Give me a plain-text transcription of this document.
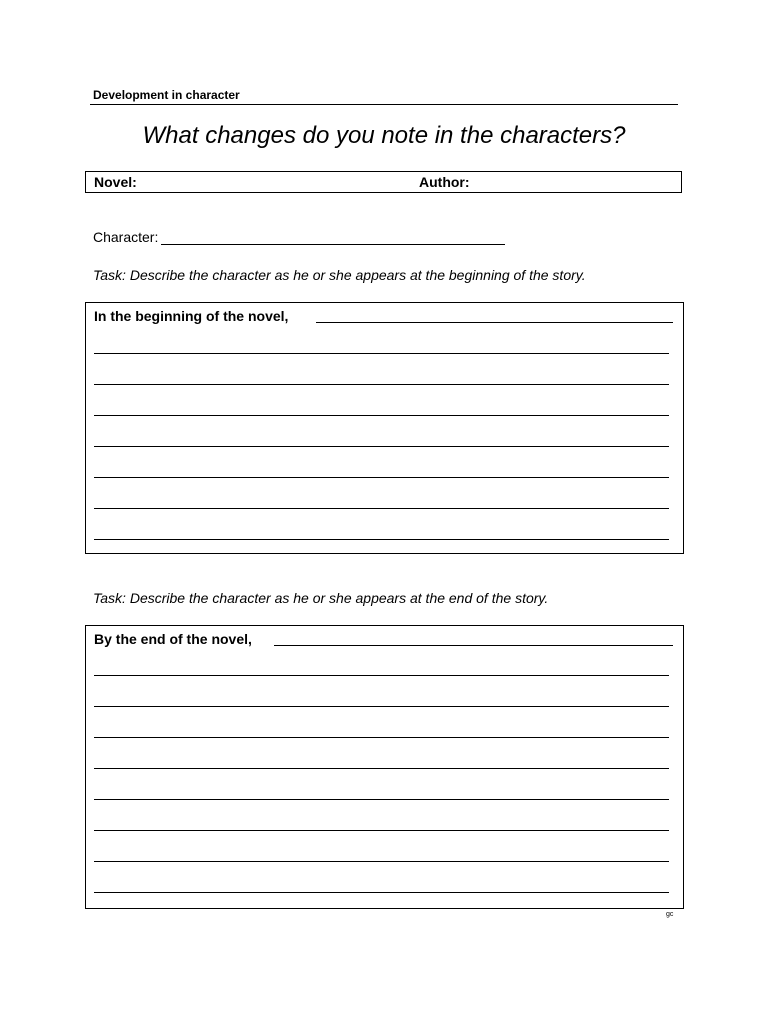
Development in character
What changes do you note in the characters?
Novel:	Author:
Character:
Task: Describe the character as he or she appears at the beginning of the story.
In the beginning of the novel,
Task: Describe the character as he or she appears at the end of the story.
By the end of the novel,
gc
